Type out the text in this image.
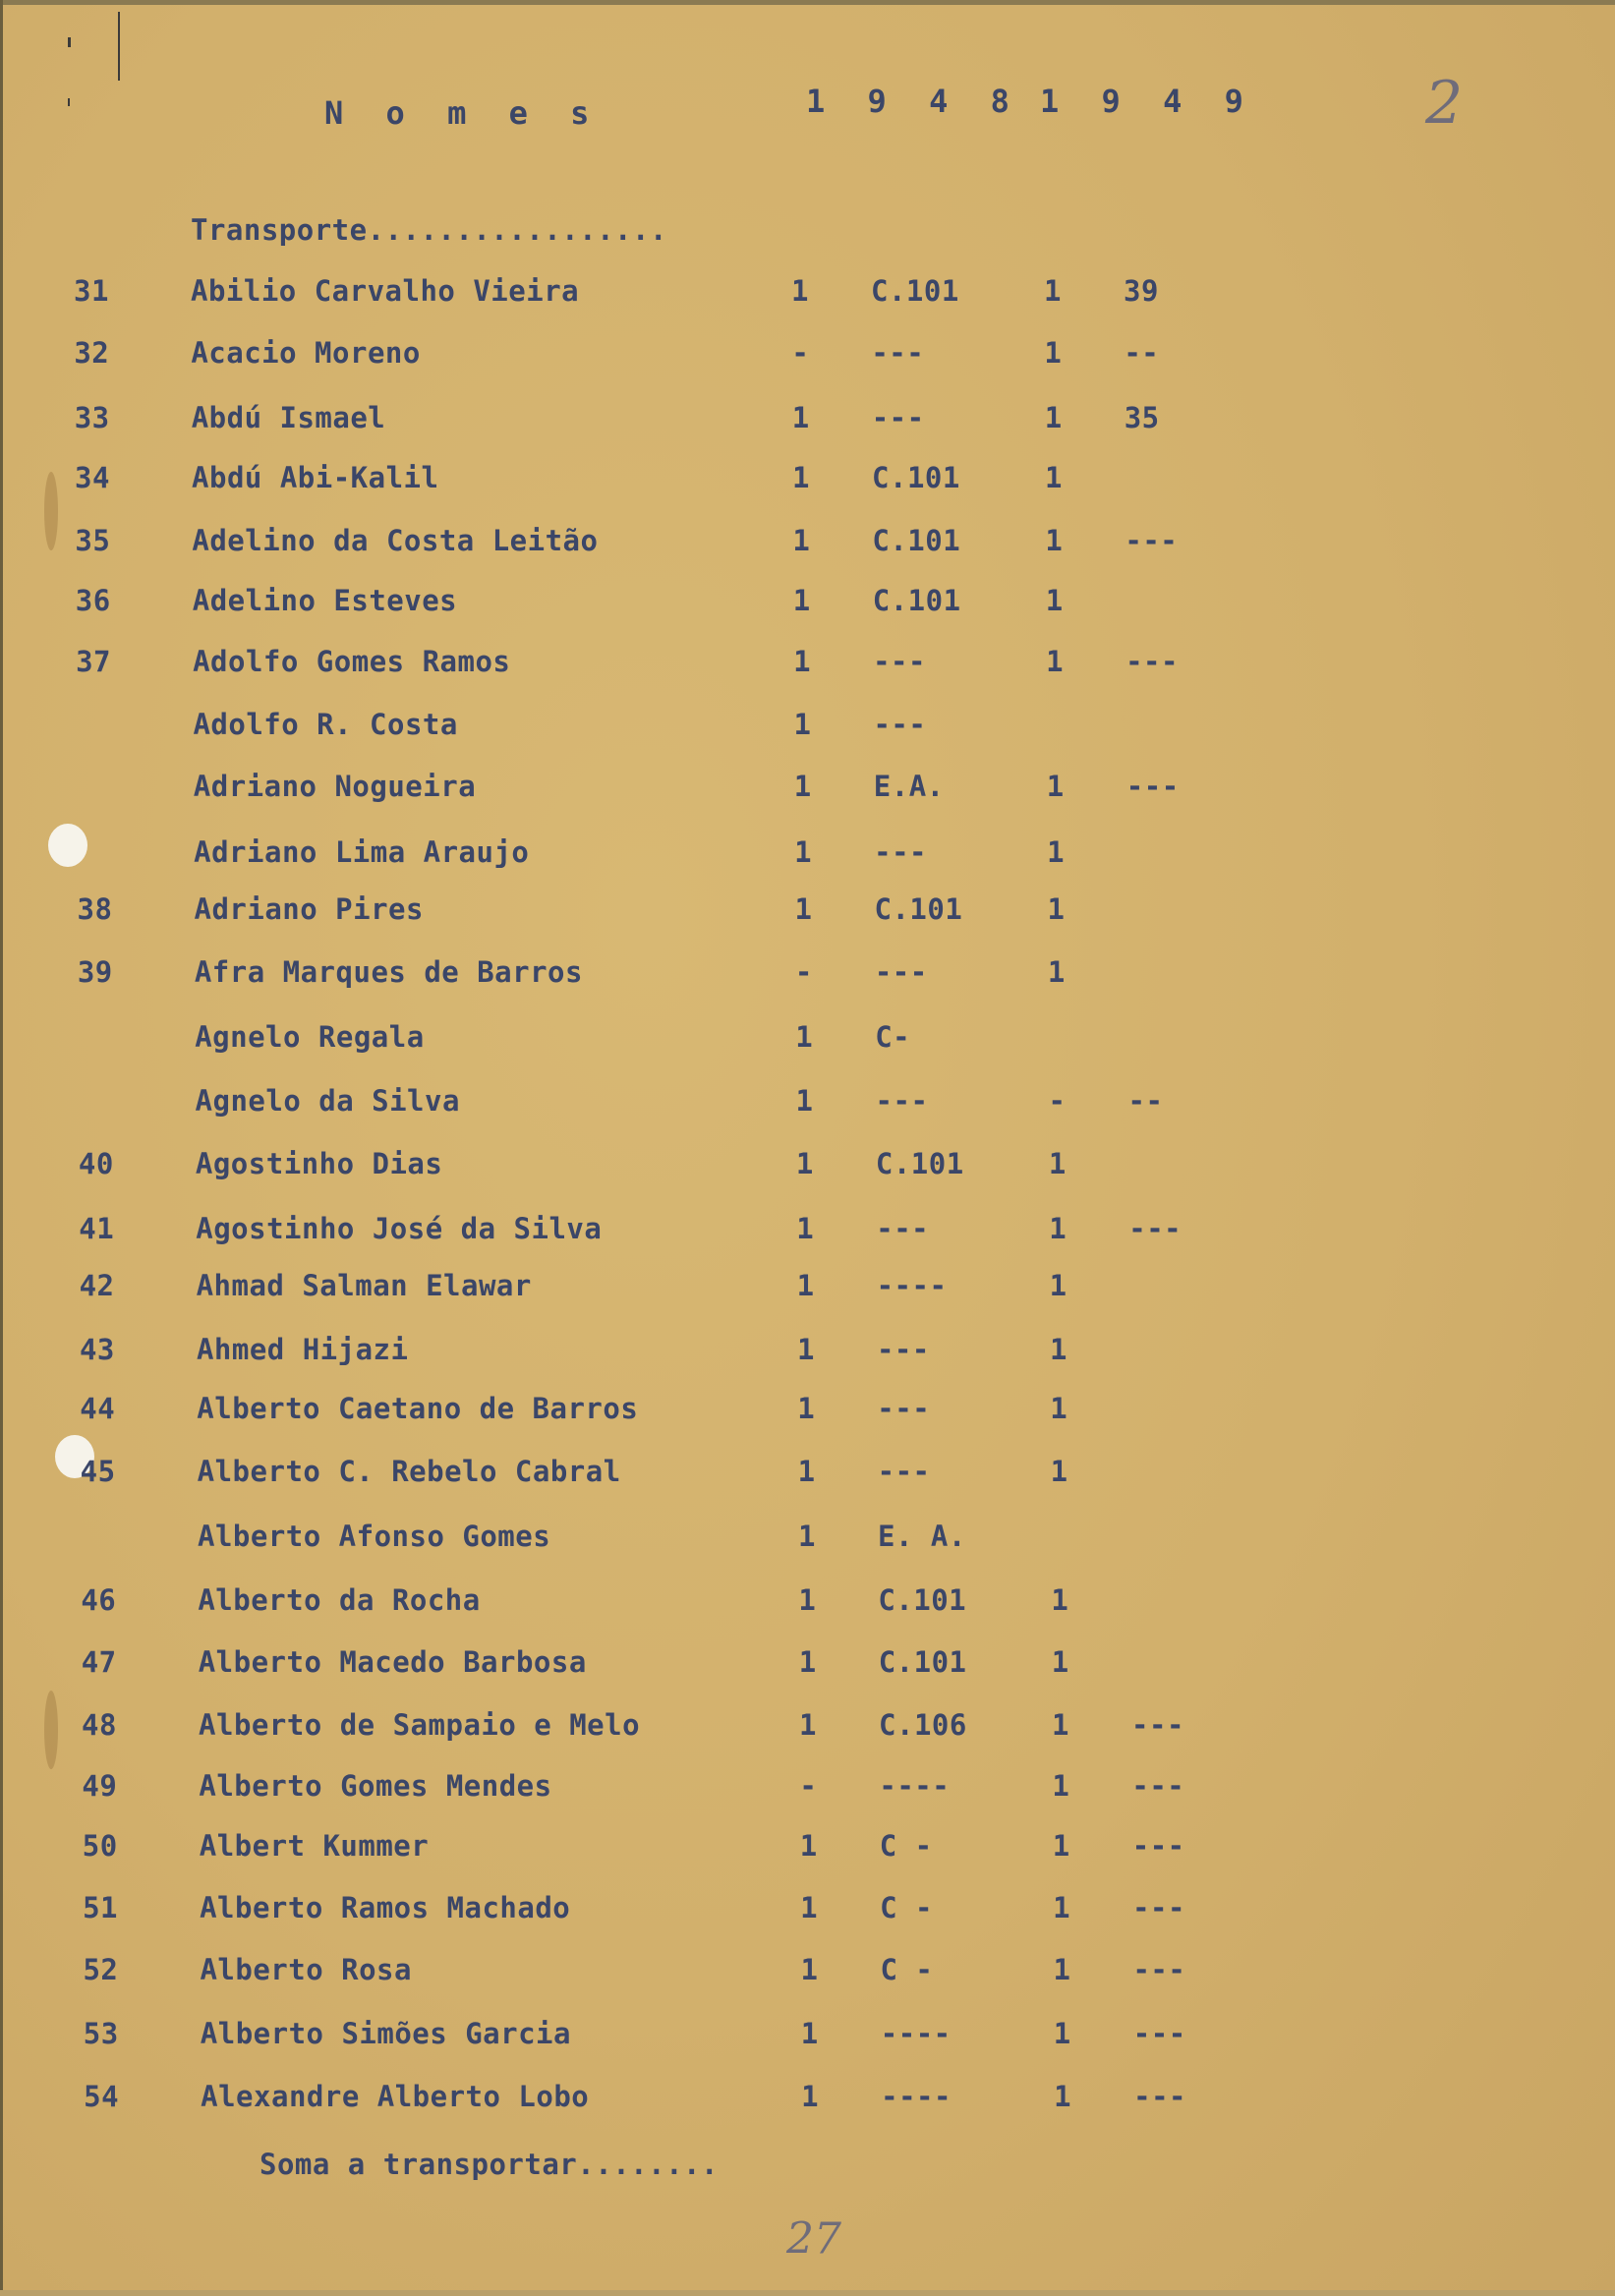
N o m e s	1 9 4 8 1 9 4 9	2
Transporte.................
31	Abilio Carvalho Vieira	1 C.101	1 39
32	Acacio Moreno	- ---	1 --
33	Abdú Ismael	1 ---	1 35
34	Abdú Abi-Kalil	1 C.101	1
35	Adelino da Costa Leitão	1 C.101	1 ---
36	Adelino Esteves	1 C.101	1
37	Adolfo Gomes Ramos	1 ---	1 ---
Adolfo R. Costa	1 ---
Adriano Nogueira	1 E.A.	1 ---
Adriano Lima Araujo	1 ---	1
38	Adriano Pires	1 C.101	1
39	Afra Marques de Barros	- ---	1
Agnelo Regala	1 C-
Agnelo da Silva	1 ---	- --
40	Agostinho Dias	1 C.101	1
41	Agostinho José da Silva	1 ---	1 ---
42	Ahmad Salman Elawar	1 ----	1
43	Ahmed Hijazi	1 ---	1
44	Alberto Caetano de Barros	1 ---	1
45	Alberto C. Rebelo Cabral	1 ---	1
Alberto Afonso Gomes	1 E. A.
46	Alberto da Rocha	1 C.101	1
47	Alberto Macedo Barbosa	1 C.101	1
48	Alberto de Sampaio e Melo	1 C.106	1 ---
49	Alberto Gomes Mendes	- ----	1 ---
50	Albert Kummer	1 C -	1 ---
51	Alberto Ramos Machado	1 C -	1 ---
52	Alberto Rosa	1 C -	1 ---
53	Alberto Simões Garcia	1 ----	1 ---
54	Alexandre Alberto Lobo	1 ----	1 ---
Soma a transportar........
27
